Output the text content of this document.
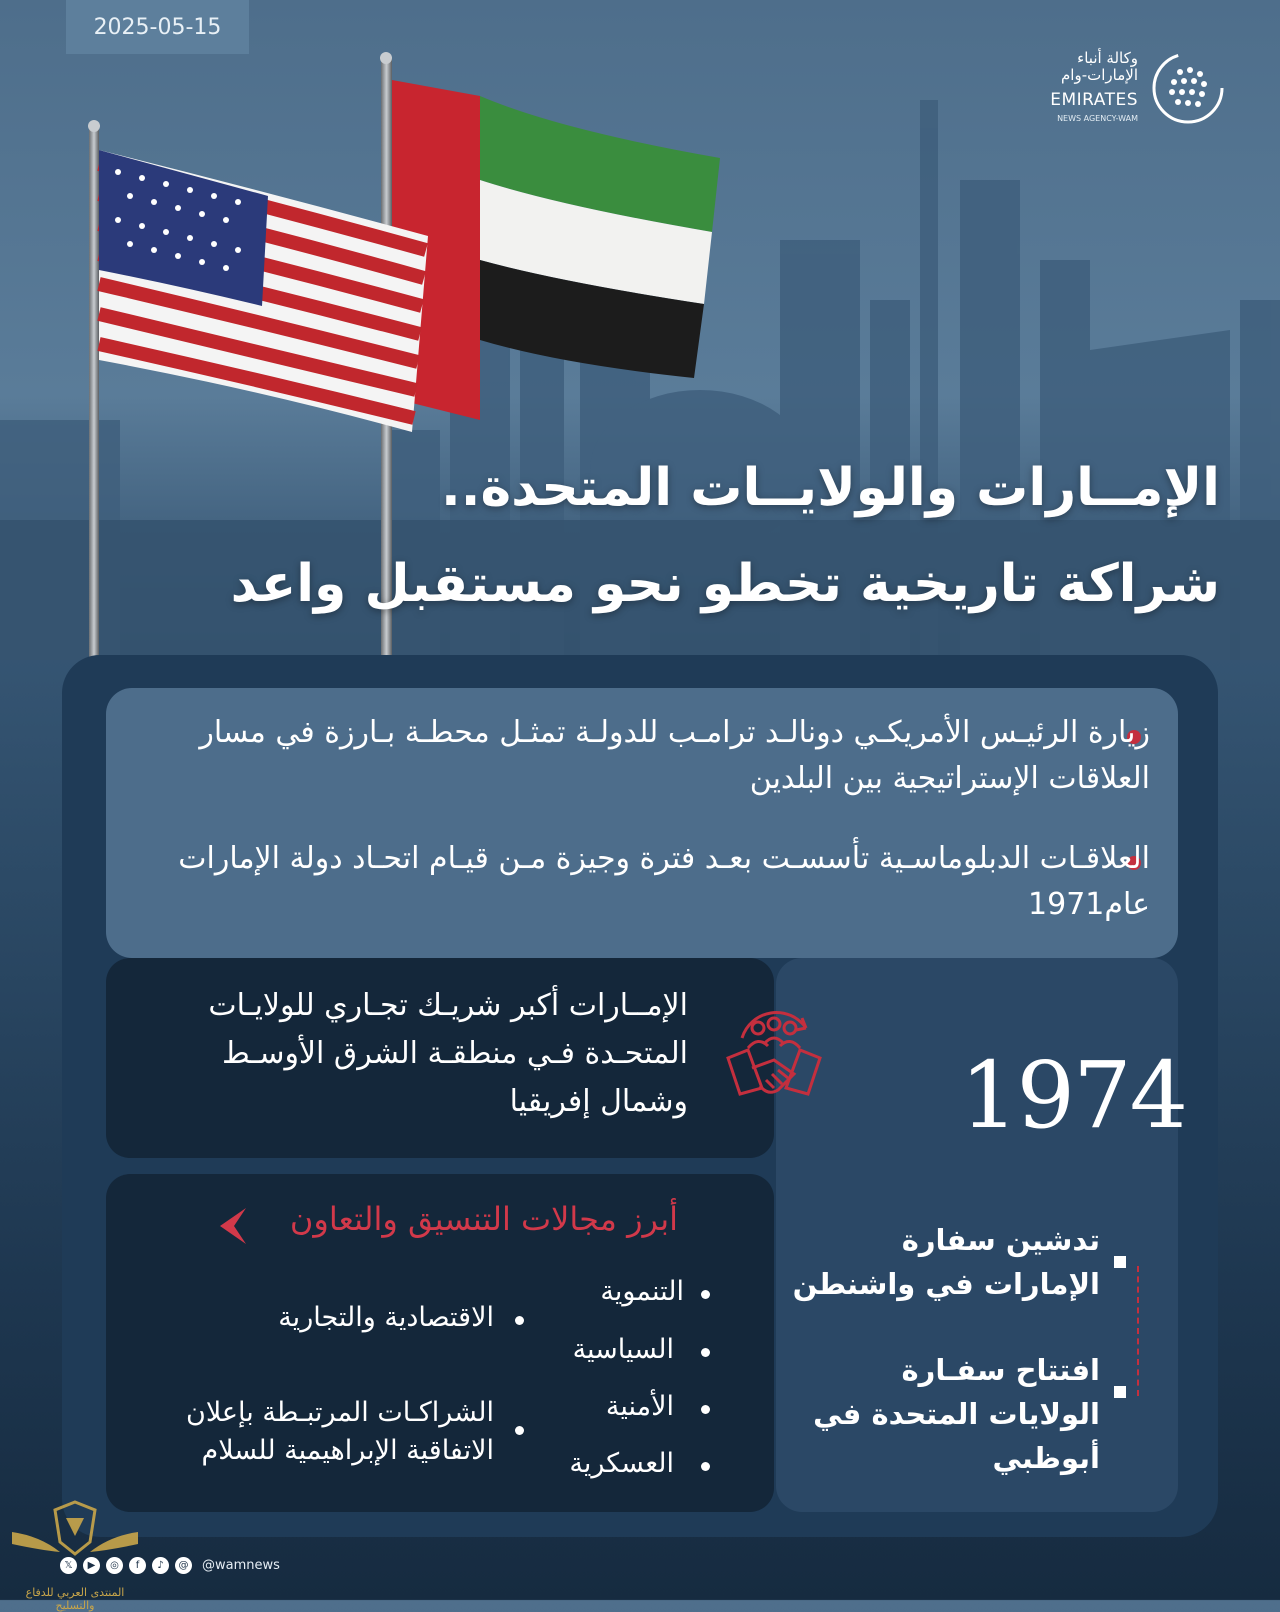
2025-05-15
وكالة أنباء الإمارات-وام
EMIRATES
NEWS AGENCY-WAM
الإمــارات والولايــات المتحدة..
شراكة تاريخية تخطو نحو مستقبل واعد
زيارة الرئيـس الأمريكـي دونالـد ترامـب للدولـة تمثـل محطـة بـارزة في مسار العلاقات الإستراتيجية بين البلدين
العلاقـات الدبلوماسـية تأسسـت بعـد فترة وجيزة مـن قيـام اتحـاد دولة الإمارات عام1971
1974
تدشين سفارة الإمارات في واشنطن
افتتاح سفـارة الولايات المتحدة في أبوظبي
الإمــارات أكبر شريـك تجـاري للولايـات المتحـدة فـي منطقـة الشرق الأوسـط وشمال إفريقيا
أبرز مجالات التنسيق والتعاون
التنموية
السياسية
الأمنية
العسكرية
الاقتصادية والتجارية
الشراكـات المرتبـطة بإعلان الاتفاقية الإبراهيمية للسلام
𝕏	▶	◎	f	♪	@ @wamnews
المنتدى العربي للدفاع والتسليح
